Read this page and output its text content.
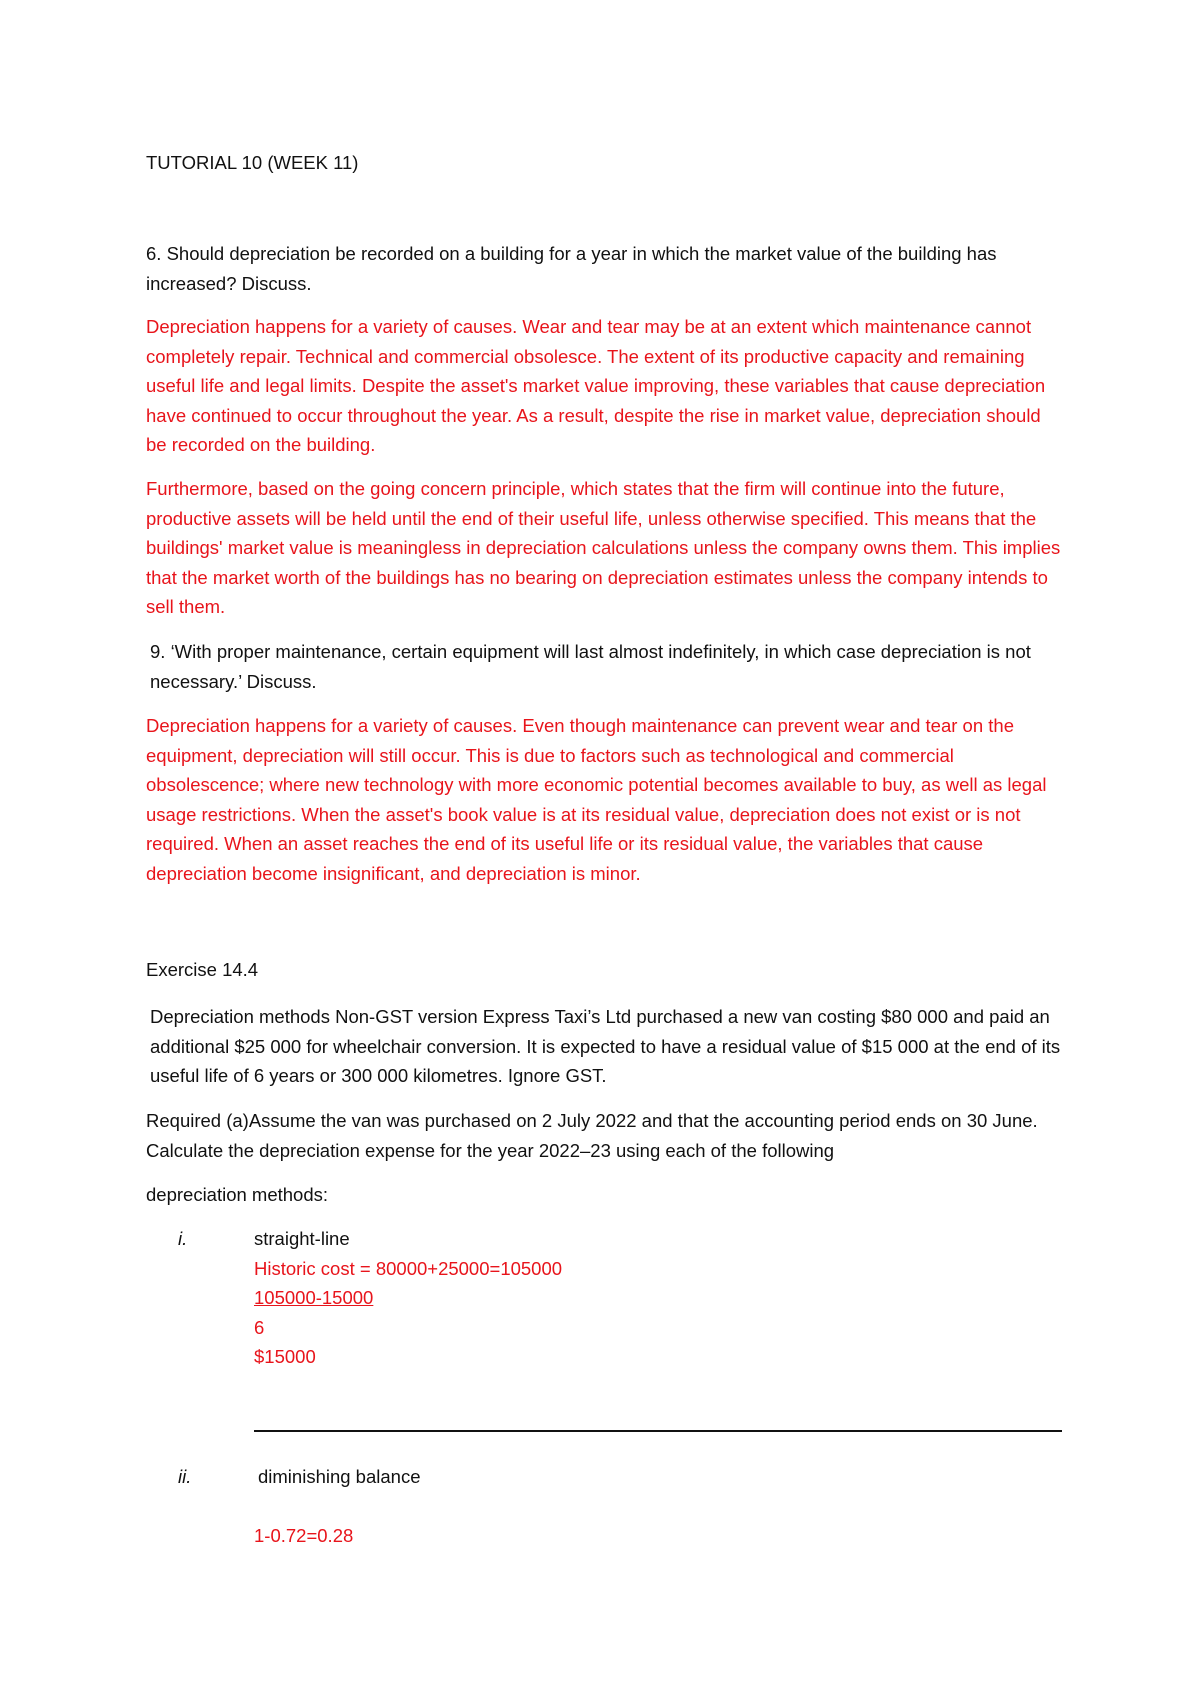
TUTORIAL 10 (WEEK 11)

6. Should depreciation be recorded on a building for a year in which the market value of the building has increased? Discuss.

Depreciation happens for a variety of causes. Wear and tear may be at an extent which maintenance cannot completely repair. Technical and commercial obsolesce. The extent of its productive capacity and remaining useful life and legal limits. Despite the asset's market value improving, these variables that cause depreciation have continued to occur throughout the year. As a result, despite the rise in market value, depreciation should be recorded on the building.

Furthermore, based on the going concern principle, which states that the firm will continue into the future, productive assets will be held until the end of their useful life, unless otherwise specified. This means that the buildings' market value is meaningless in depreciation calculations unless the company owns them. This implies that the market worth of the buildings has no bearing on depreciation estimates unless the company intends to sell them.

9. ‘With proper maintenance, certain equipment will last almost indefinitely, in which case depreciation is not necessary.’ Discuss.

Depreciation happens for a variety of causes. Even though maintenance can prevent wear and tear on the equipment, depreciation will still occur. This is due to factors such as technological and commercial obsolescence; where new technology with more economic potential becomes available to buy, as well as legal usage restrictions. When the asset's book value is at its residual value, depreciation does not exist or is not required. When an asset reaches the end of its useful life or its residual value, the variables that cause depreciation become insignificant, and depreciation is minor.

Exercise 14.4

Depreciation methods Non-GST version Express Taxi’s Ltd purchased a new van costing $80 000 and paid an additional $25 000 for wheelchair conversion. It is expected to have a residual value of $15 000 at the end of its useful life of 6 years or 300 000 kilometres. Ignore GST.

Required (a)Assume the van was purchased on 2 July 2022 and that the accounting period ends on 30 June. Calculate the depreciation expense for the year 2022–23 using each of the following

depreciation methods:

i.	straight-line
Historic cost = 80000+25000=105000
105000-15000
6
$15000
ii.	diminishing balance
1-0.72=0.28
